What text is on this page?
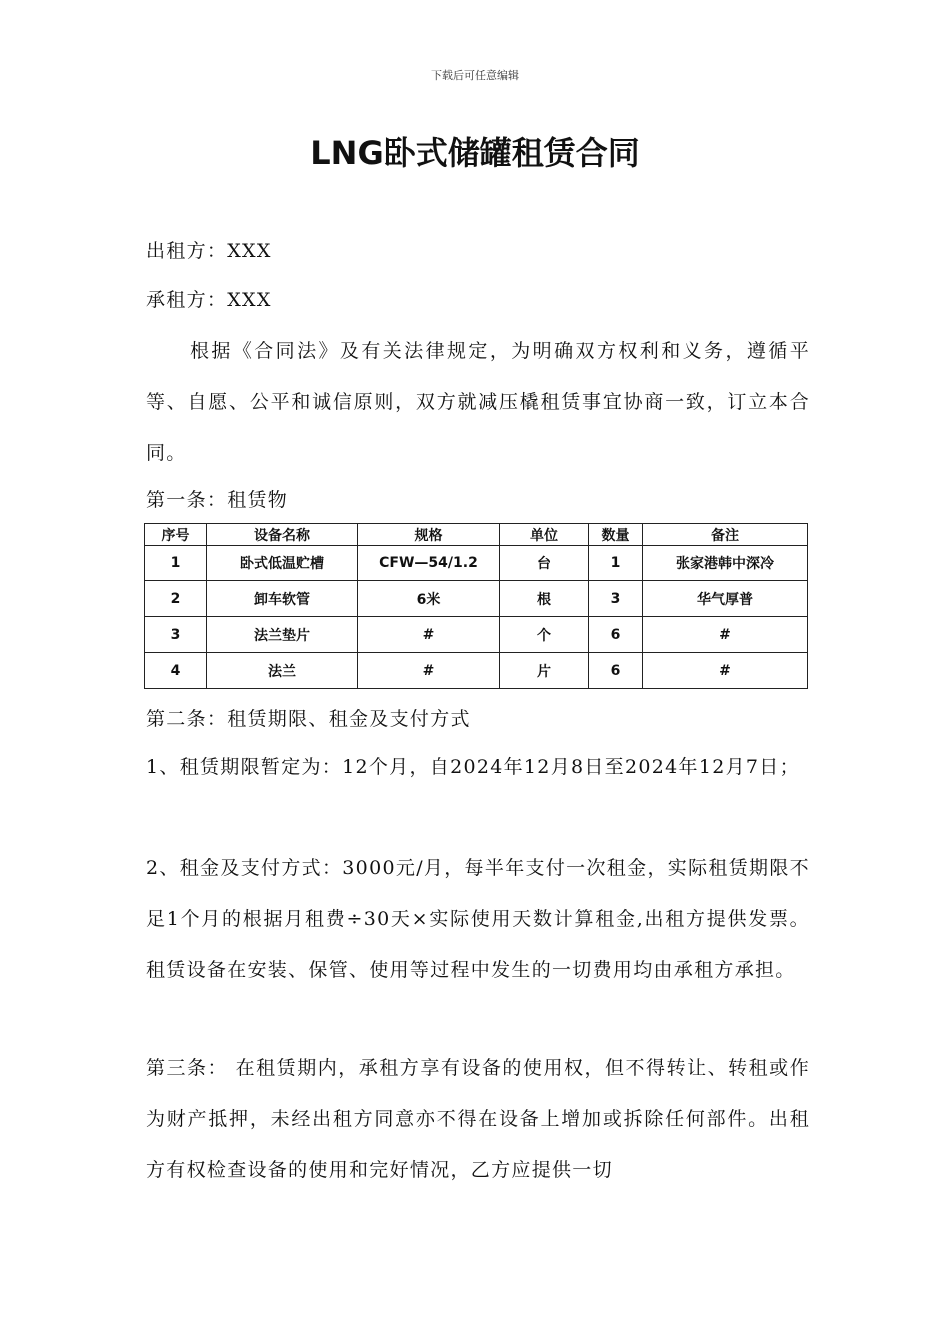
下载后可任意编辑
LNG卧式储罐租赁合同
出租方：XXX
承租方：XXX
根据《合同法》及有关法律规定，为明确双方权利和义务，遵循平等、自愿、公平和诚信原则，双方就减压橇租赁事宜协商一致，订立本合同。
第一条：租赁物
序号	设备名称	规格	单位	数量	备注
1	卧式低温贮槽	CFW—54/1.2	台	1	张家港韩中深冷
2	卸车软管	6米	根	3	华气厚普
3	法兰垫片	#	个	6	#
4	法兰	#	片	6	#
第二条：租赁期限、租金及支付方式
1、租赁期限暂定为：12个月，自2024年12月8日至2024年12月7日；
2、租金及支付方式：3000元/月，每半年支付一次租金，实际租赁期限不足1个月的根据月租费÷30天×实际使用天数计算租金,出租方提供发票。租赁设备在安装、保管、使用等过程中发生的一切费用均由承租方承担。
第三条： 在租赁期内，承租方享有设备的使用权，但不得转让、转租或作为财产抵押，未经出租方同意亦不得在设备上增加或拆除任何部件。出租方有权检查设备的使用和完好情况，乙方应提供一切
